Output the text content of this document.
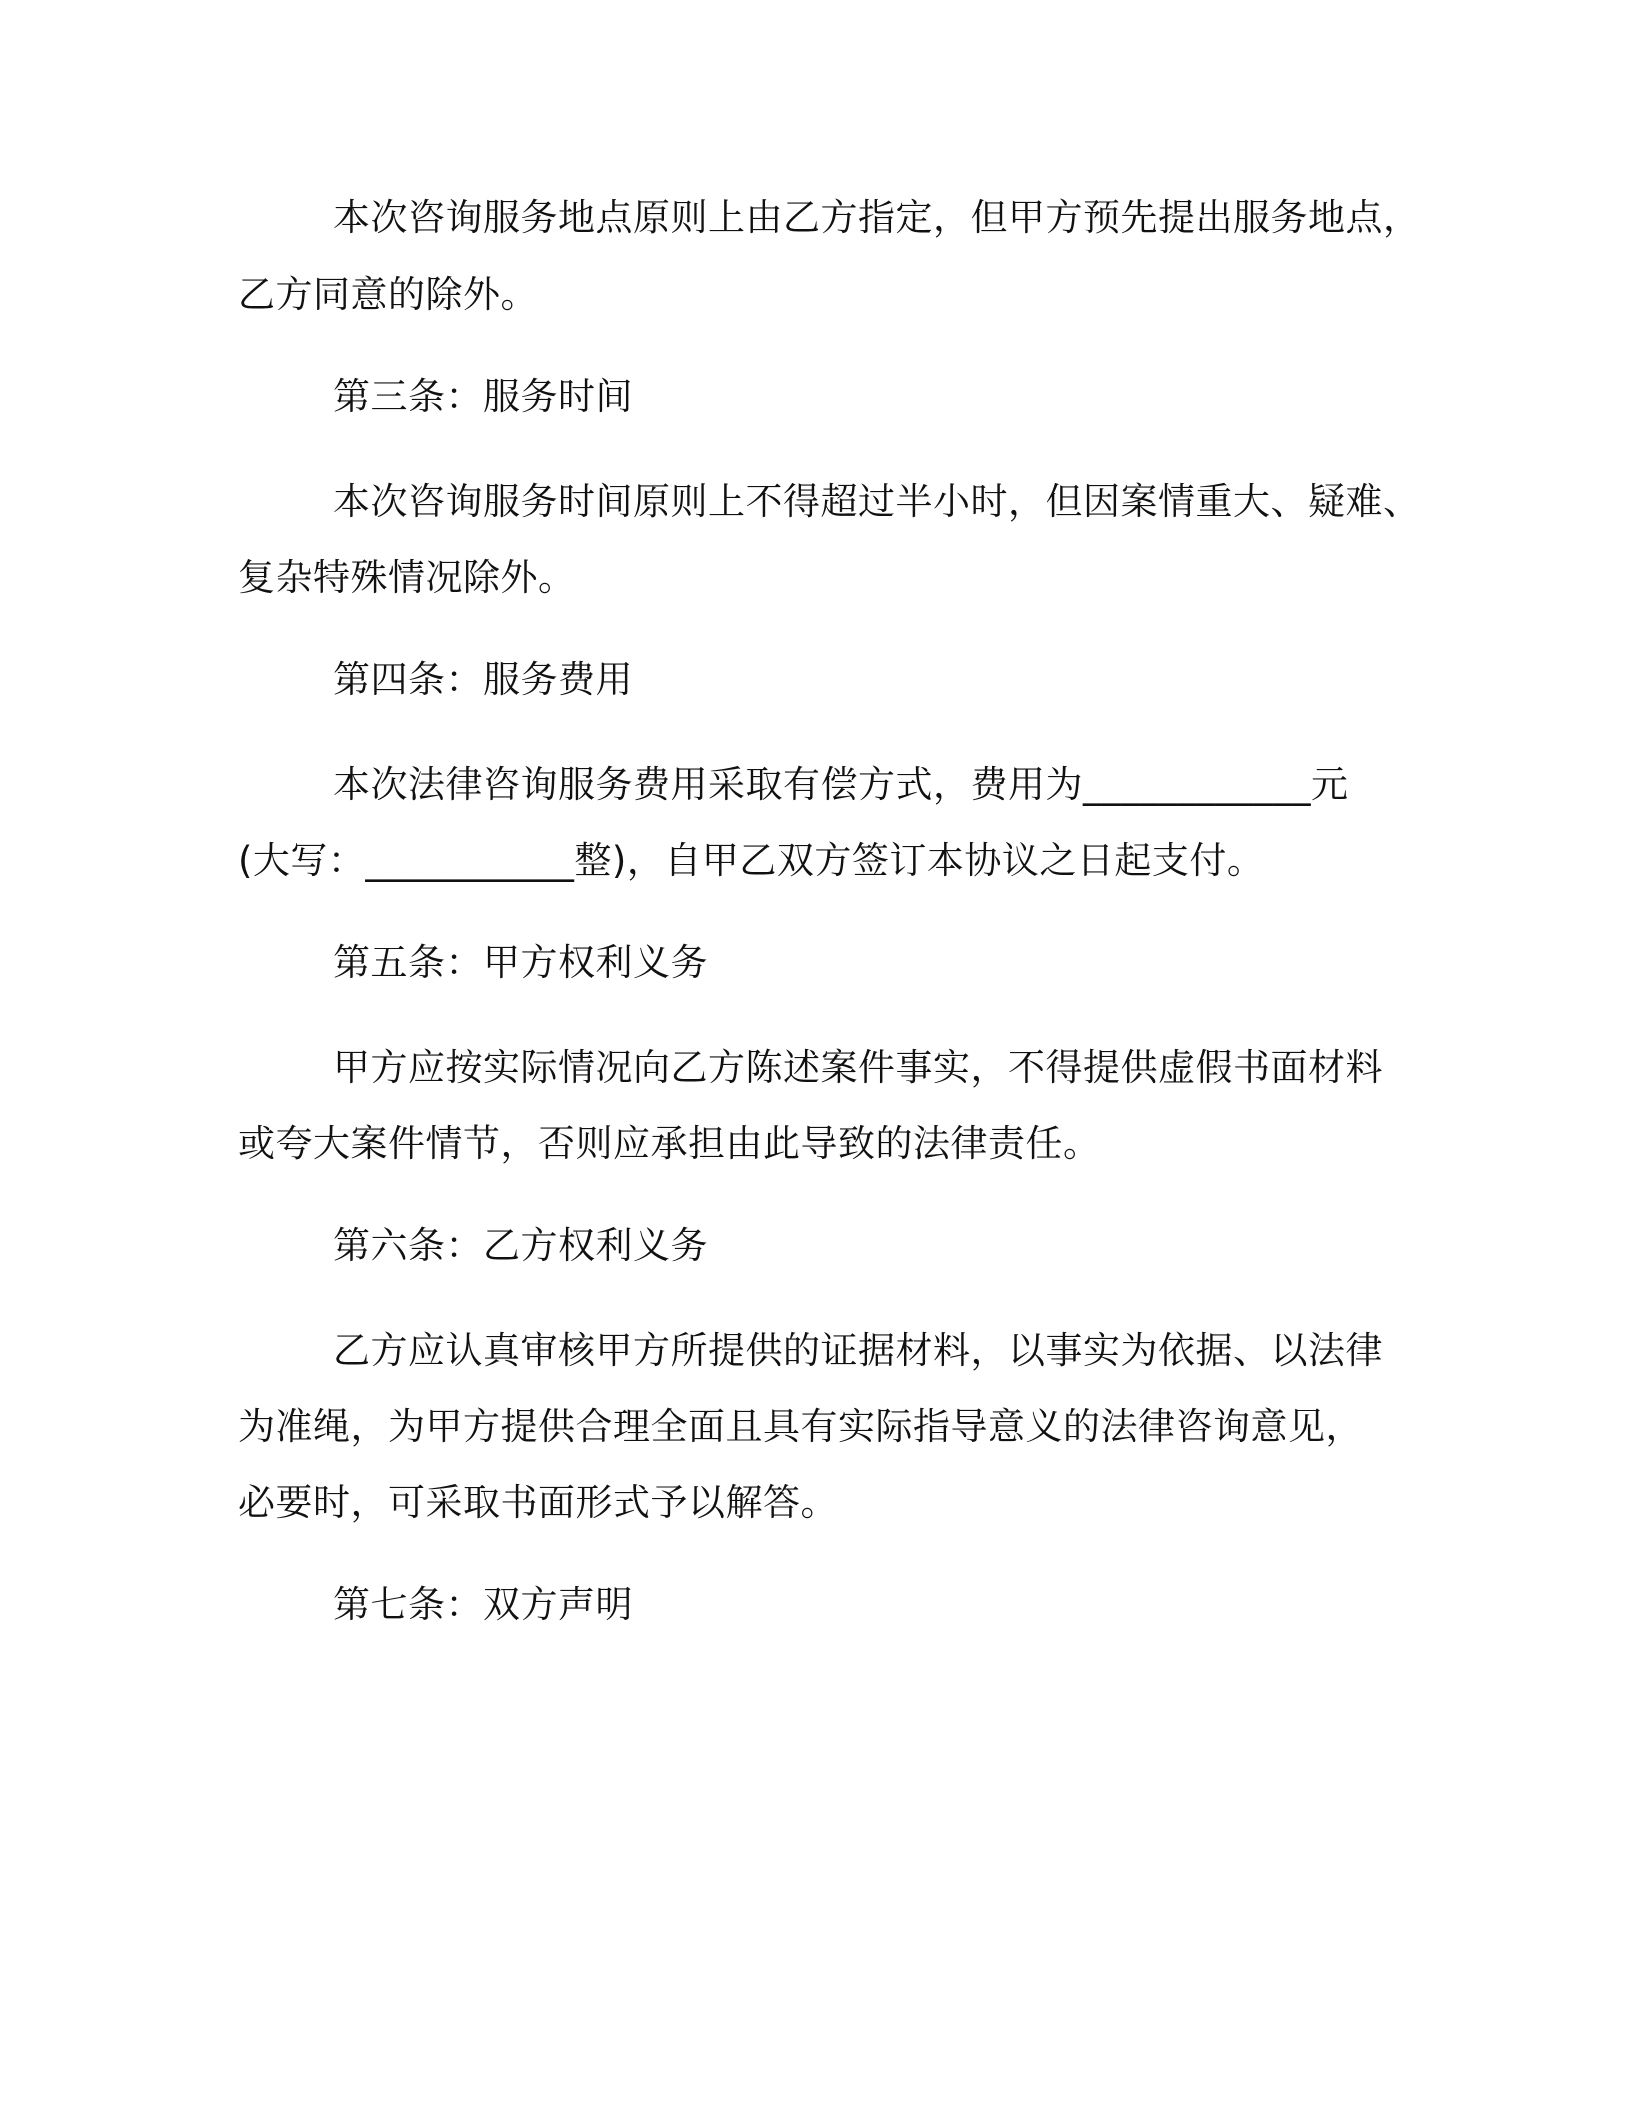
本次咨询服务地点原则上由乙方指定，但甲方预先提出服务地点，
乙方同意的除外。
第三条：服务时间
本次咨询服务时间原则上不得超过半小时，但因案情重大、疑难、
复杂特殊情况除外。
第四条：服务费用
本次法律咨询服务费用采取有偿方式，费用为____________元
(大写：___________整)，自甲乙双方签订本协议之日起支付。
第五条：甲方权利义务
甲方应按实际情况向乙方陈述案件事实，不得提供虚假书面材料
或夸大案件情节，否则应承担由此导致的法律责任。
第六条：乙方权利义务
乙方应认真审核甲方所提供的证据材料，以事实为依据、以法律
为准绳，为甲方提供合理全面且具有实际指导意义的法律咨询意见，
必要时，可采取书面形式予以解答。
第七条：双方声明
